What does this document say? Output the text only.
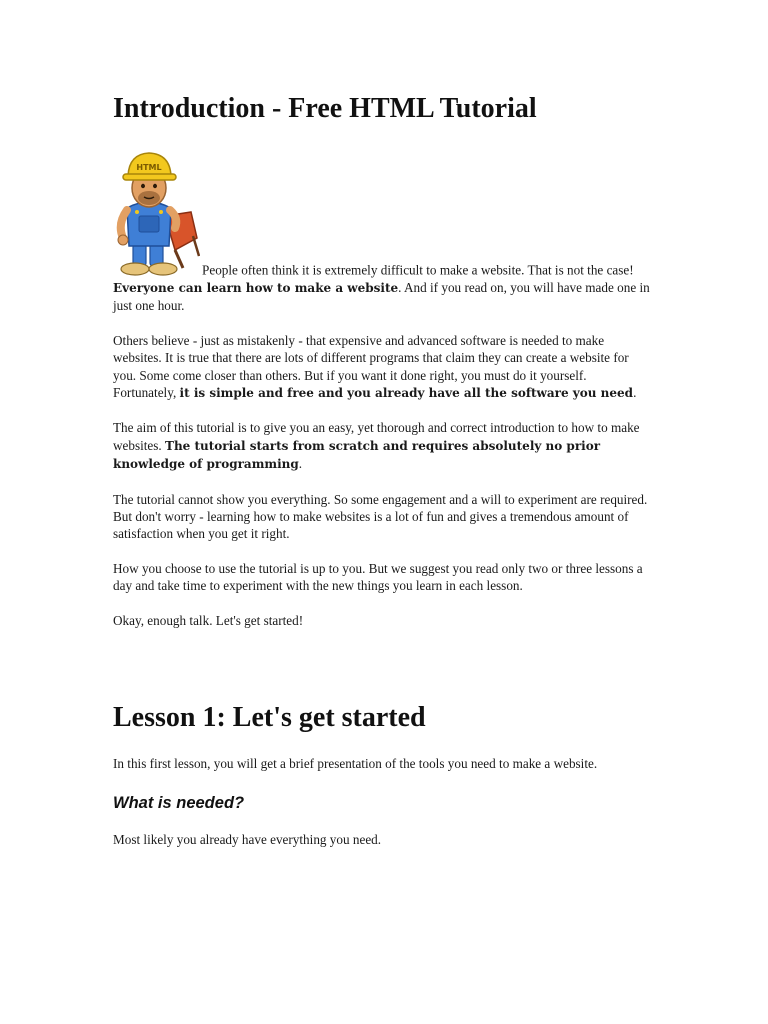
Introduction - Free HTML Tutorial

HTML
People often think it is extremely difficult to make a website. That is not the case! Everyone can learn how to make a website. And if you read on, you will have made one in just one hour.

Others believe - just as mistakenly - that expensive and advanced software is needed to make websites. It is true that there are lots of different programs that claim they can create a website for you. Some come closer than others. But if you want it done right, you must do it yourself. Fortunately, it is simple and free and you already have all the software you need.

The aim of this tutorial is to give you an easy, yet thorough and correct introduction to how to make websites. The tutorial starts from scratch and requires absolutely no prior knowledge of programming.

The tutorial cannot show you everything. So some engagement and a will to experiment are required. But don't worry - learning how to make websites is a lot of fun and gives a tremendous amount of satisfaction when you get it right.

How you choose to use the tutorial is up to you. But we suggest you read only two or three lessons a day and take time to experiment with the new things you learn in each lesson.

Okay, enough talk. Let's get started!

Lesson 1: Let's get started

In this first lesson, you will get a brief presentation of the tools you need to make a website.

What is needed?

Most likely you already have everything you need.
